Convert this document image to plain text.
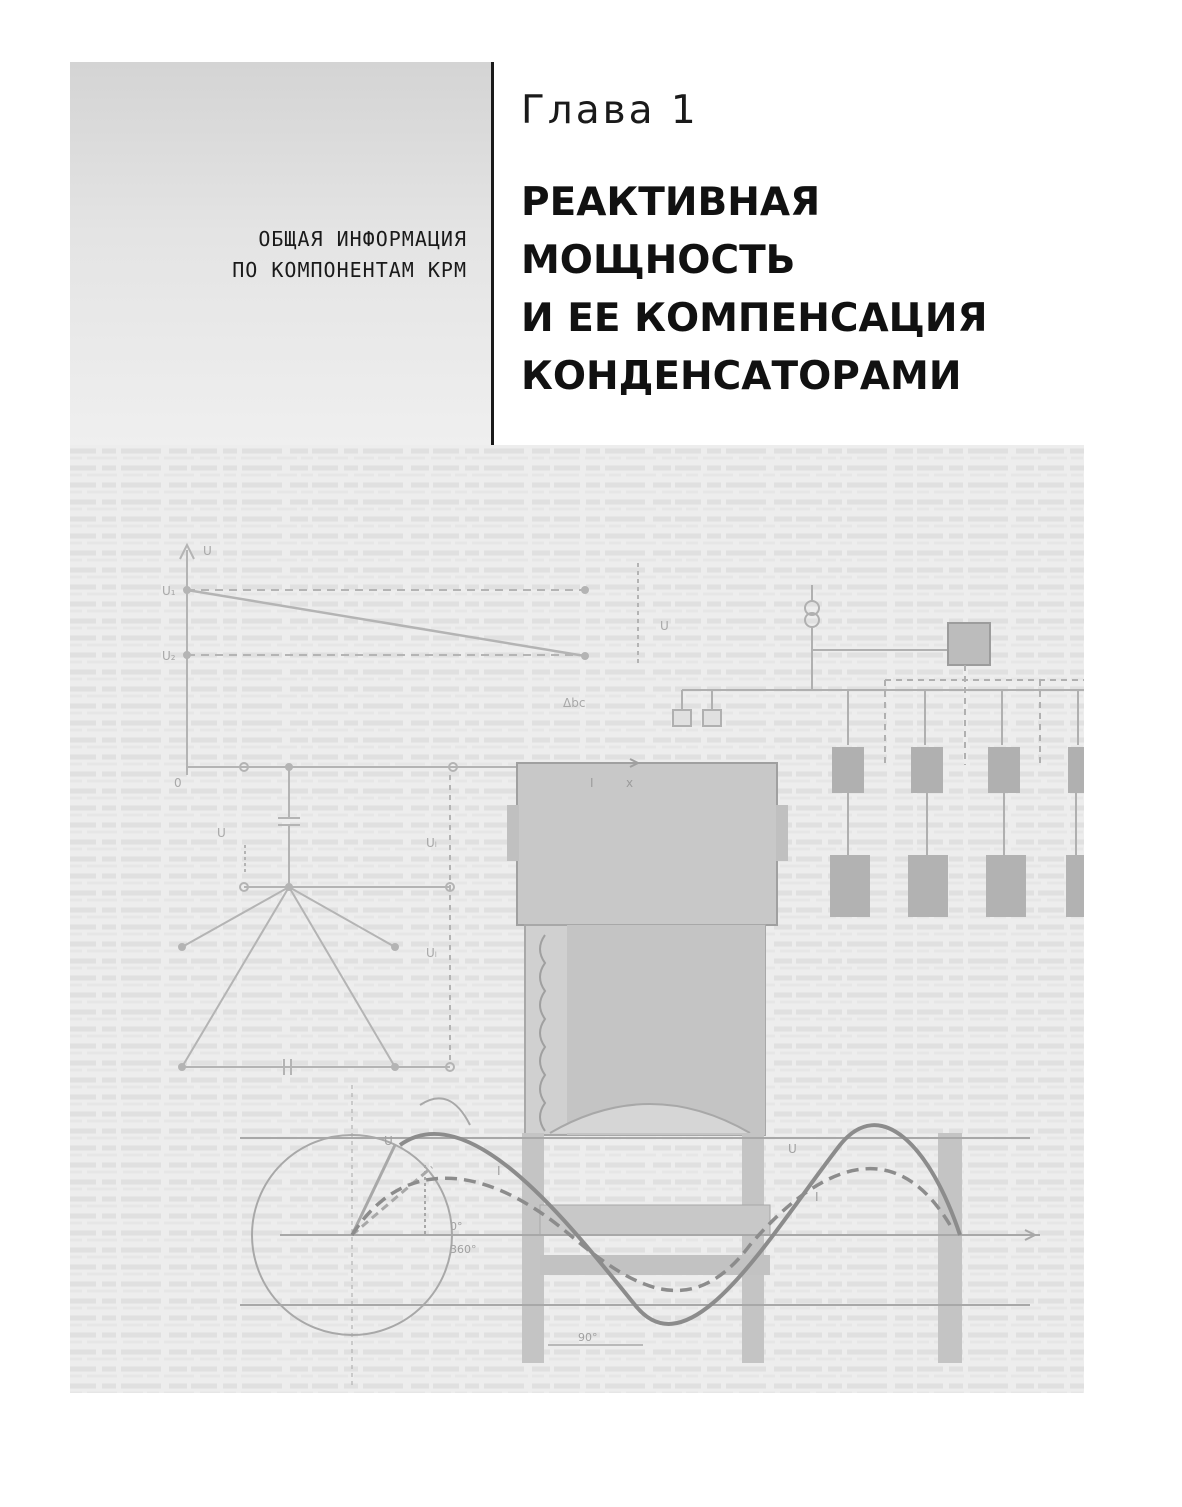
ОБЩАЯ ИНФОРМАЦИЯ
ПО КОМПОНЕНТАМ КРМ
Глава 1
РЕАКТИВНАЯ
МОЩНОСТЬ
И ЕЕ КОМПЕНСАЦИЯ
КОНДЕНСАТОРАМИ
U
U₁
U₂
U
0
Δbc
U
Uₗ
Uₗ
I	x
U
I
0°
360°
U
I
90°
